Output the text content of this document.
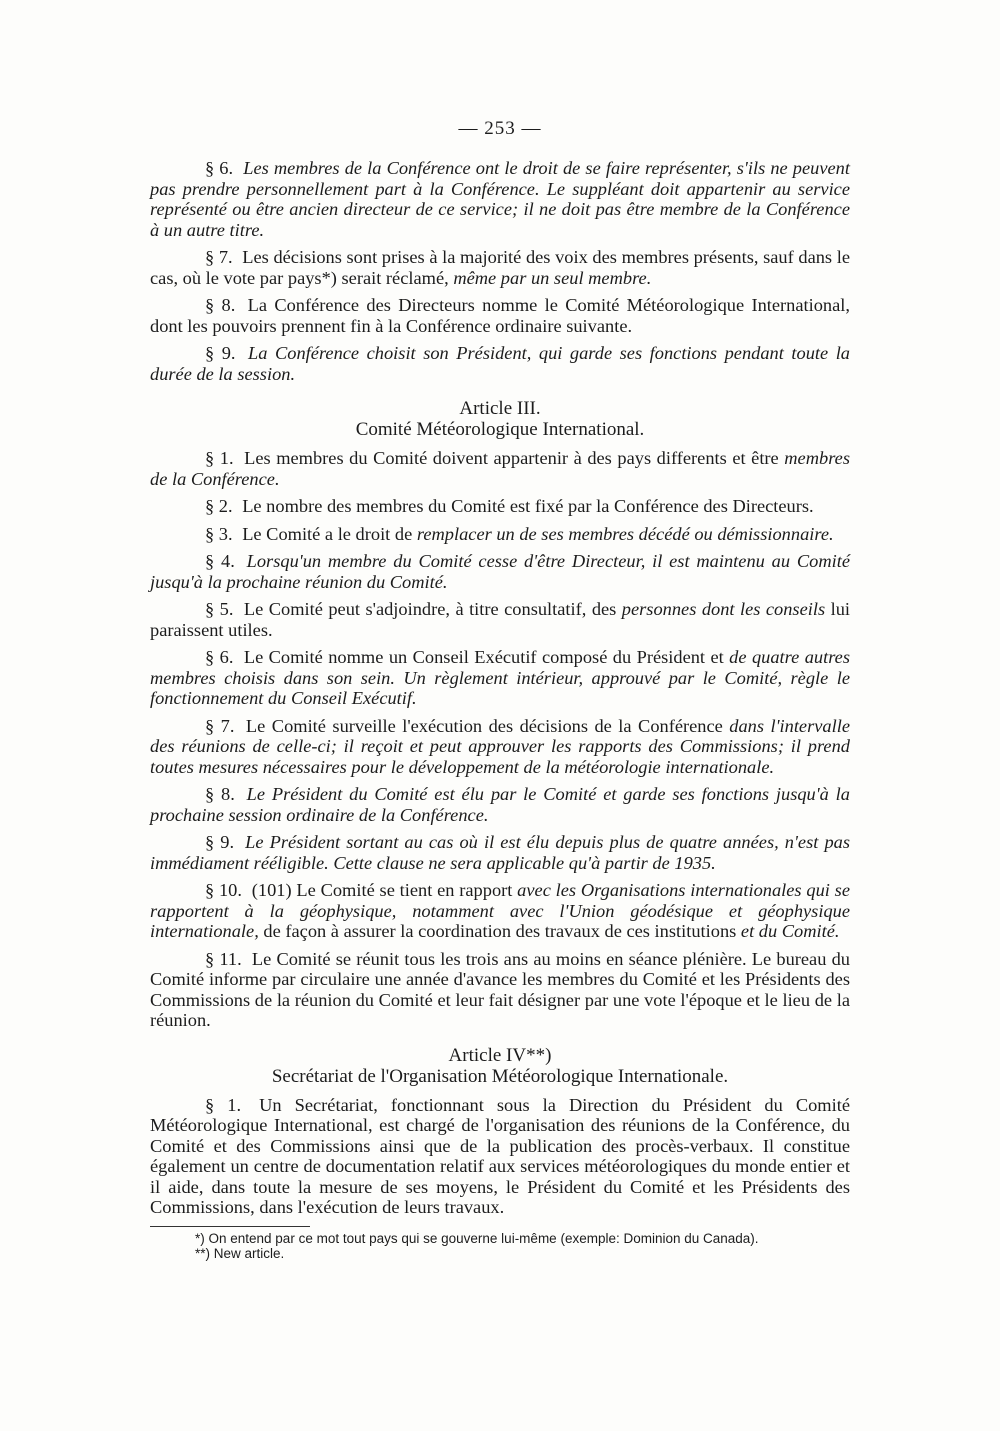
— 253 —

§ 6. Les membres de la Conférence ont le droit de se faire représenter, s'ils ne peuvent pas prendre personnellement part à la Conférence. Le suppléant doit appartenir au service représenté ou être ancien directeur de ce service; il ne doit pas être membre de la Conférence à un autre titre.

§ 7. Les décisions sont prises à la majorité des voix des membres présents, sauf dans le cas, où le vote par pays*) serait réclamé, même par un seul membre.

§ 8. La Conférence des Directeurs nomme le Comité Météorologique International, dont les pouvoirs prennent fin à la Conférence ordinaire suivante.

§ 9. La Conférence choisit son Président, qui garde ses fonctions pendant toute la durée de la session.

Article III.

Comité Météorologique International.

§ 1. Les membres du Comité doivent appartenir à des pays differents et être membres de la Conférence.

§ 2. Le nombre des membres du Comité est fixé par la Conférence des Directeurs.

§ 3. Le Comité a le droit de remplacer un de ses membres décédé ou démissionnaire.

§ 4. Lorsqu'un membre du Comité cesse d'être Directeur, il est maintenu au Comité jusqu'à la prochaine réunion du Comité.

§ 5. Le Comité peut s'adjoindre, à titre consultatif, des personnes dont les conseils lui paraissent utiles.

§ 6. Le Comité nomme un Conseil Exécutif composé du Président et de quatre autres membres choisis dans son sein. Un règlement intérieur, approuvé par le Comité, règle le fonctionnement du Conseil Exécutif.

§ 7. Le Comité surveille l'exécution des décisions de la Conférence dans l'intervalle des réunions de celle-ci; il reçoit et peut approuver les rapports des Commissions; il prend toutes mesures nécessaires pour le développement de la météorologie internationale.

§ 8. Le Président du Comité est élu par le Comité et garde ses fonctions jusqu'à la prochaine session ordinaire de la Conférence.

§ 9. Le Président sortant au cas où il est élu depuis plus de quatre années, n'est pas immédiament rééligible. Cette clause ne sera applicable qu'à partir de 1935.

§ 10. (101) Le Comité se tient en rapport avec les Organisations internationales qui se rapportent à la géophysique, notamment avec l'Union géodésique et géophysique internationale, de façon à assurer la coordination des travaux de ces institutions et du Comité.

§ 11. Le Comité se réunit tous les trois ans au moins en séance plénière. Le bureau du Comité informe par circulaire une année d'avance les membres du Comité et les Présidents des Commissions de la réunion du Comité et leur fait désigner par une vote l'époque et le lieu de la réunion.

Article IV**)

Secrétariat de l'Organisation Météorologique Internationale.

§ 1. Un Secrétariat, fonctionnant sous la Direction du Président du Comité Météorologique International, est chargé de l'organisation des réunions de la Conférence, du Comité et des Commissions ainsi que de la publication des procès-verbaux. Il constitue également un centre de documentation relatif aux services météorologiques du monde entier et il aide, dans toute la mesure de ses moyens, le Président du Comité et les Présidents des Commissions, dans l'exécution de leurs travaux.

*) On entend par ce mot tout pays qui se gouverne lui-même (exemple: Dominion du Canada).

**) New article.
